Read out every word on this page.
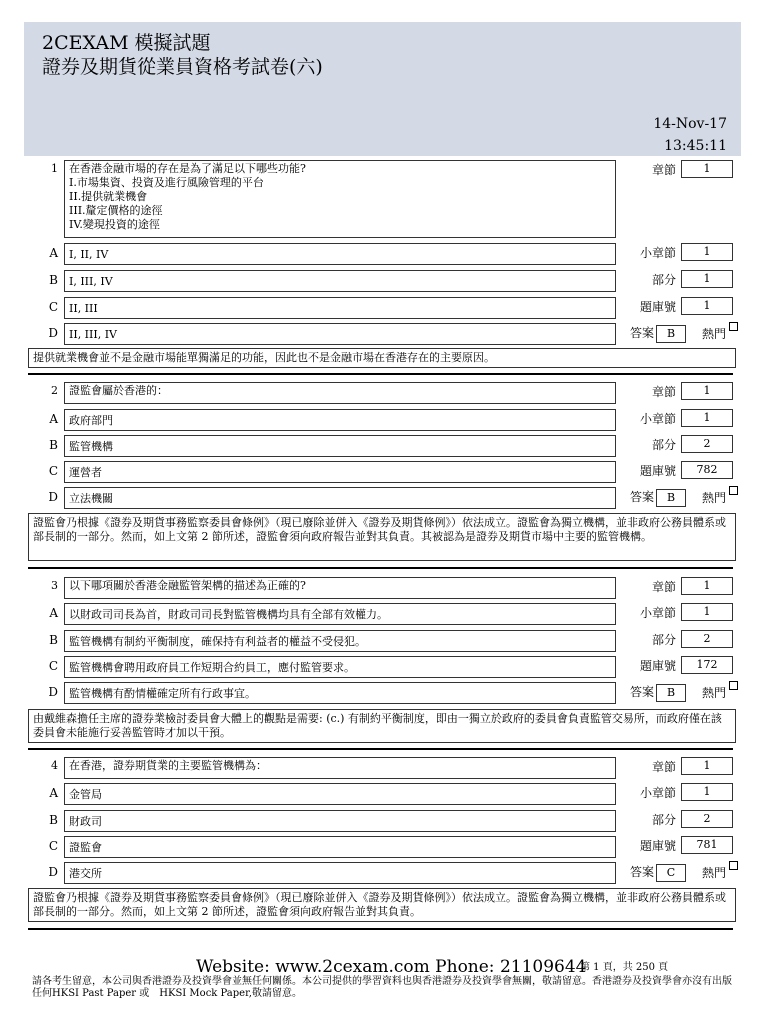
2CEXAM 模擬試題
證券及期貨從業員資格考試卷(六)
14-Nov-17
13:45:11
1 在香港金融市場的存在是為了滿足以下哪些功能?
I.市場集資、投資及進行風險管理的平台
II.提供就業機會
III.釐定價格的途徑
IV.變現投資的途徑
A	I, II, IV
B	I, III, IV
C	II, III
D	II, III, IV
章節	1
小章節	1
部分	1
題庫號	1
答案	B	熱門
提供就業機會並不是金融市場能單獨滿足的功能，因此也不是金融市場在香港存在的主要原因。
2 證監會屬於香港的：
A	政府部門
B	監管機構
C	運營者
D	立法機關
章節	1
小章節	1
部分	2
題庫號	782
答案	B	熱門
證監會乃根據《證券及期貨事務監察委員會條例》（現已廢除並併入《證券及期貨條例》）依法成立。證監會為獨立機構，並非政府公務員體系或部長制的一部分。然而，如上文第 2 節所述，證監會須向政府報告並對其負責。其被認為是證券及期貨市場中主要的監管機構。
3 以下哪項關於香港金融監管架構的描述為正確的?
A	以財政司司長為首，財政司司長對監管機構均具有全部有效權力。
B	監管機構有制約平衡制度，確保持有利益者的權益不受侵犯。
C	監管機構會聘用政府員工作短期合約員工，應付監管要求。
D	監管機構有酌情權確定所有行政事宜。
章節	1
小章節	1
部分	2
題庫號	172
答案	B	熱門
由戴維森擔任主席的證券業檢討委員會大體上的觀點是需要: (c.) 有制約平衡制度，即由一獨立於政府的委員會負責監管交易所，而政府僅在該委員會未能施行妥善監管時才加以干預。
4 在香港，證券期貨業的主要監管機構為：
A	金管局
B	財政司
C	證監會
D	港交所
章節	1
小章節	1
部分	2
題庫號	781
答案	C	熱門
證監會乃根據《證券及期貨事務監察委員會條例》（現已廢除並併入《證券及期貨條例》）依法成立。證監會為獨立機構，並非政府公務員體系或部長制的一部分。然而，如上文第 2 節所述，證監會須向政府報告並對其負責。
Website: www.2cexam.com Phone: 21109644
第 1 頁，共 250 頁
請各考生留意，本公司與香港證券及投資學會並無任何關係。本公司提供的學習資料也與香港證券及投資學會無關，敬請留意。香港證券及投資學會亦沒有出版任何HKSI Past Paper 或　HKSI Mock Paper,敬請留意。
